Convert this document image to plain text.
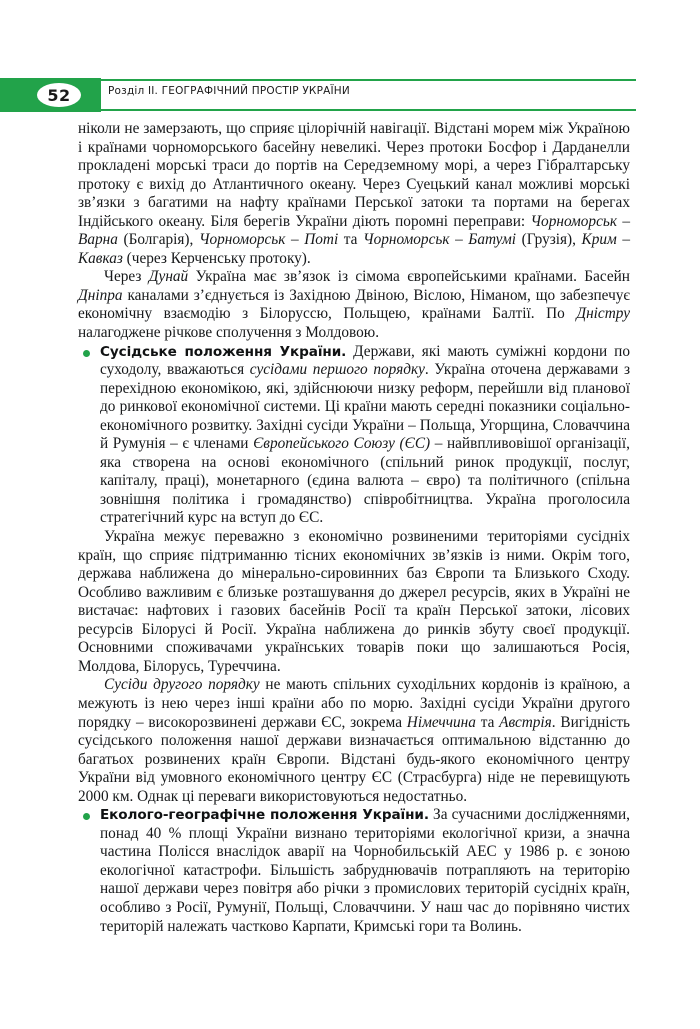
52	Розділ II. ГЕОГРАФІЧНИЙ ПРОСТІР УКРАЇНИ

ніколи не замерзають, що сприяє цілорічній навігації. Відстані морем між Україною і країнами чорноморського басейну невеликі. Через протоки Босфор і Дарданелли прокладені морські траси до портів на Середземному морі, а через Гібралтарську протоку є вихід до Атлантичного океану. Через Суецький канал можливі морські зв’язки з багатими на нафту країнами Перської затоки та портами на берегах Індійського океану. Біля берегів України діють поромні переправи: Чорноморськ – Варна (Болгарія), Чорноморськ – Поті та Чорноморськ – Батумі (Грузія), Крим – Кавказ (через Керченську протоку).

Через Дунай Україна має зв’язок із сімома європейськими країнами. Басейн Дніпра каналами з’єднується із Західною Двіною, Віслою, Німаном, що забезпечує економічну взаємодію з Білоруссю, Польщею, країнами Балтії. По Дністру налагоджене річкове сполучення з Молдовою.

Сусідське положення України. Держави, які мають суміжні кордони по суходолу, вважаються сусідами першого порядку. Україна оточена державами з перехідною економікою, які, здійснюючи низку реформ, перейшли від планової до ринкової економічної системи. Ці країни мають середні показники соціально-економічного розвитку. Західні сусіди України – Польща, Угорщина, Словаччина й Румунія – є членами Європейського Союзу (ЄС) – найвпливовішої організації, яка створена на основі економічного (спільний ринок продукції, послуг, капіталу, праці), монетарного (єдина валюта – євро) та політичного (спільна зовнішня політика і громадянство) співробітництва. Україна проголосила стратегічний курс на вступ до ЄС.

Україна межує переважно з економічно розвиненими територіями сусідніх країн, що сприяє підтриманню тісних економічних зв’язків із ними. Окрім того, держава наближена до мінерально-сировинних баз Європи та Близького Сходу. Особливо важливим є близьке розташування до джерел ресурсів, яких в Україні не вистачає: нафтових і газових басейнів Росії та країн Перської затоки, лісових ресурсів Білорусі й Росії. Україна наближена до ринків збуту своєї продукції. Основними споживачами українських товарів поки що залишаються Росія, Молдова, Білорусь, Туреччина.

Сусіди другого порядку не мають спільних суходільних кордонів із країною, а межують із нею через інші країни або по морю. Західні сусіди України другого порядку – високорозвинені держави ЄС, зокрема Німеччина та Австрія. Вигідність сусідського положення нашої держави визначається оптимальною відстанню до багатьох розвинених країн Європи. Відстані будь-якого економічного центру України від умовного економічного центру ЄС (Страсбурга) ніде не перевищують 2000 км. Однак ці переваги використовуються недостатньо.

Еколого-географічне положення України. За сучасними дослідженнями, понад 40 % площі України визнано територіями екологічної кризи, а значна частина Полісся внаслідок аварії на Чорнобильській АЕС у 1986 р. є зоною екологічної катастрофи. Більшість забруднювачів потрапляють на територію нашої держави через повітря або річки з промислових територій сусідніх країн, особливо з Росії, Румунії, Польщі, Словаччини. У наш час до порівняно чистих територій належать частково Карпати, Кримські гори та Волинь.
